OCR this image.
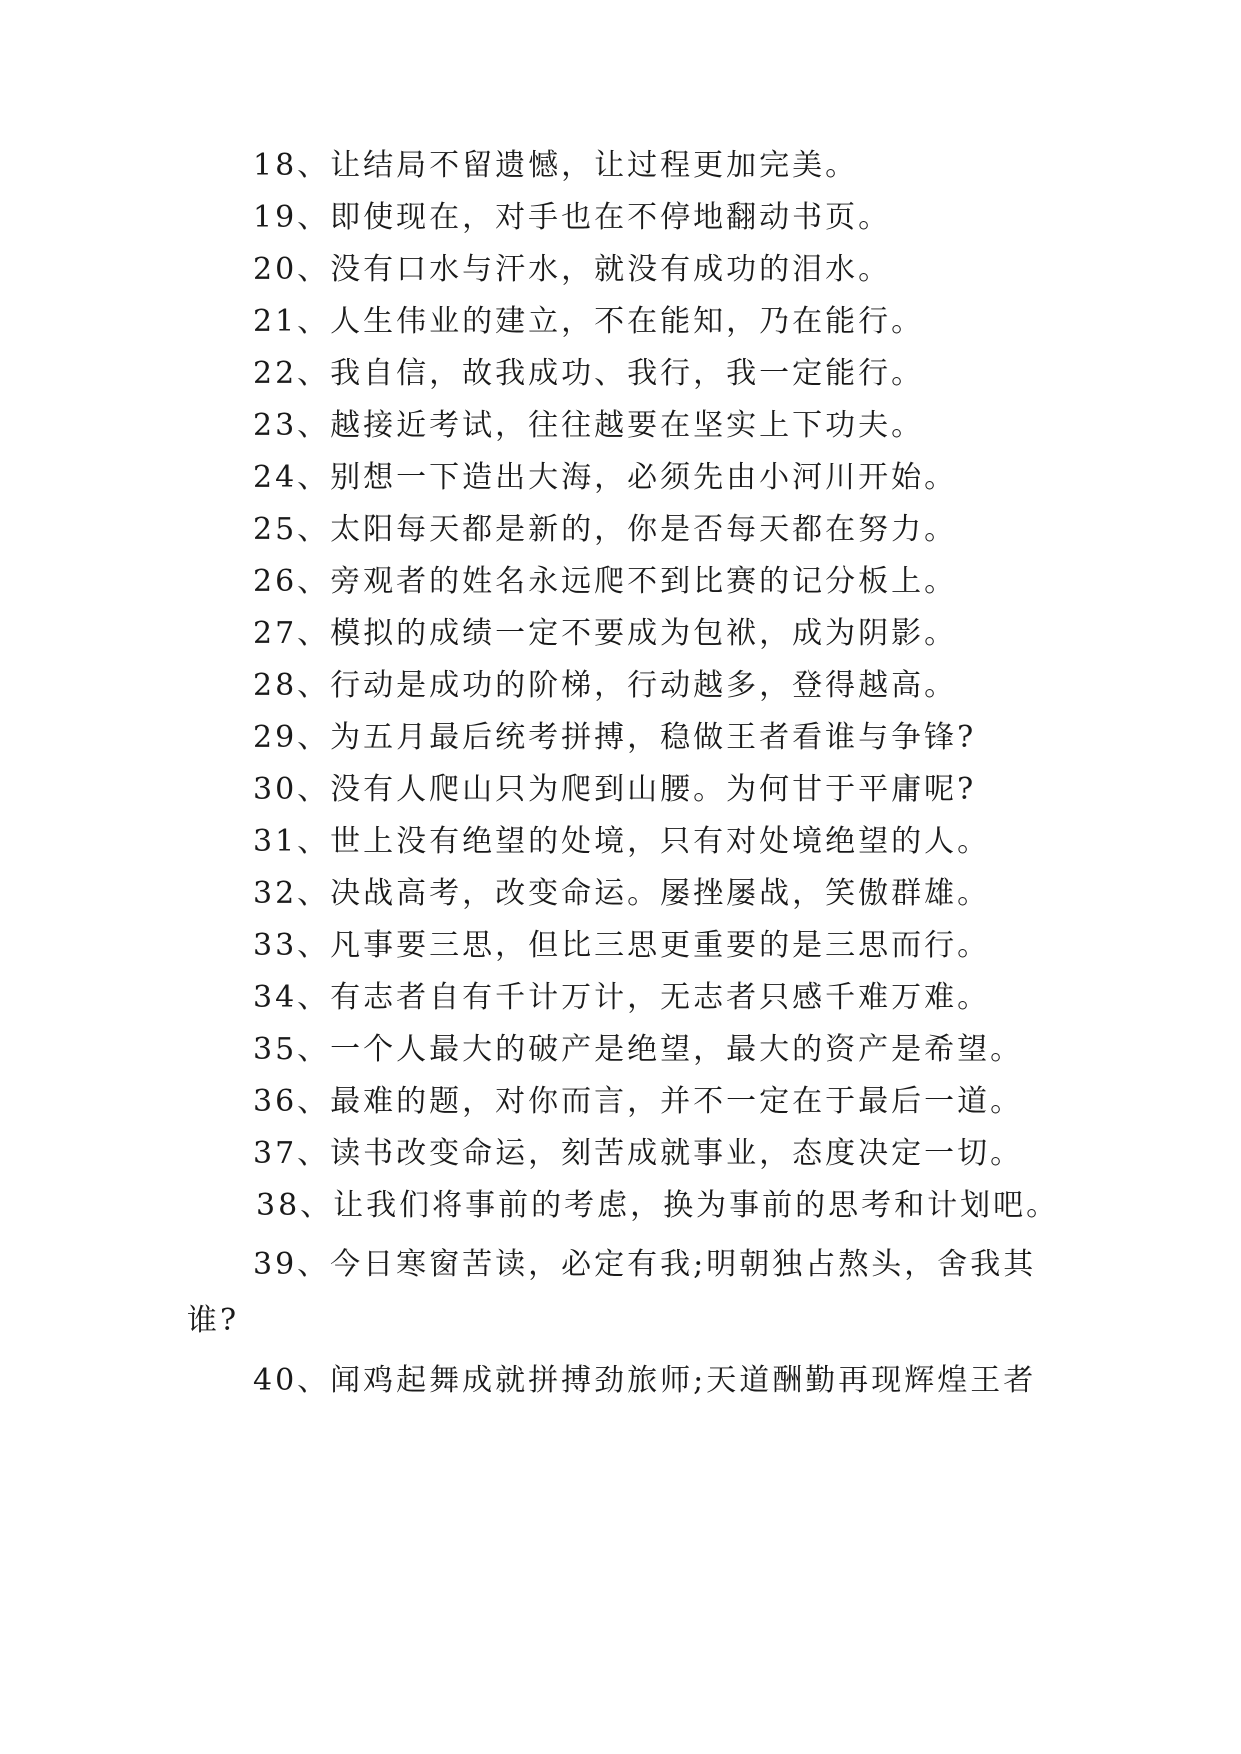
18、让结局不留遗憾，让过程更加完美。
19、即使现在，对手也在不停地翻动书页。
20、没有口水与汗水，就没有成功的泪水。
21、人生伟业的建立，不在能知，乃在能行。
22、我自信，故我成功、我行，我一定能行。
23、越接近考试，往往越要在坚实上下功夫。
24、别想一下造出大海，必须先由小河川开始。
25、太阳每天都是新的，你是否每天都在努力。
26、旁观者的姓名永远爬不到比赛的记分板上。
27、模拟的成绩一定不要成为包袱，成为阴影。
28、行动是成功的阶梯，行动越多，登得越高。
29、为五月最后统考拼搏，稳做王者看谁与争锋?
30、没有人爬山只为爬到山腰。为何甘于平庸呢?
31、世上没有绝望的处境，只有对处境绝望的人。
32、决战高考，改变命运。屡挫屡战，笑傲群雄。
33、凡事要三思，但比三思更重要的是三思而行。
34、有志者自有千计万计，无志者只感千难万难。
35、一个人最大的破产是绝望，最大的资产是希望。
36、最难的题，对你而言，并不一定在于最后一道。
37、读书改变命运，刻苦成就事业，态度决定一切。
38、让我们将事前的考虑，换为事前的思考和计划吧。
39、今日寒窗苦读，必定有我;明朝独占熬头，舍我其
谁?
40、闻鸡起舞成就拼搏劲旅师;天道酬勤再现辉煌王者
